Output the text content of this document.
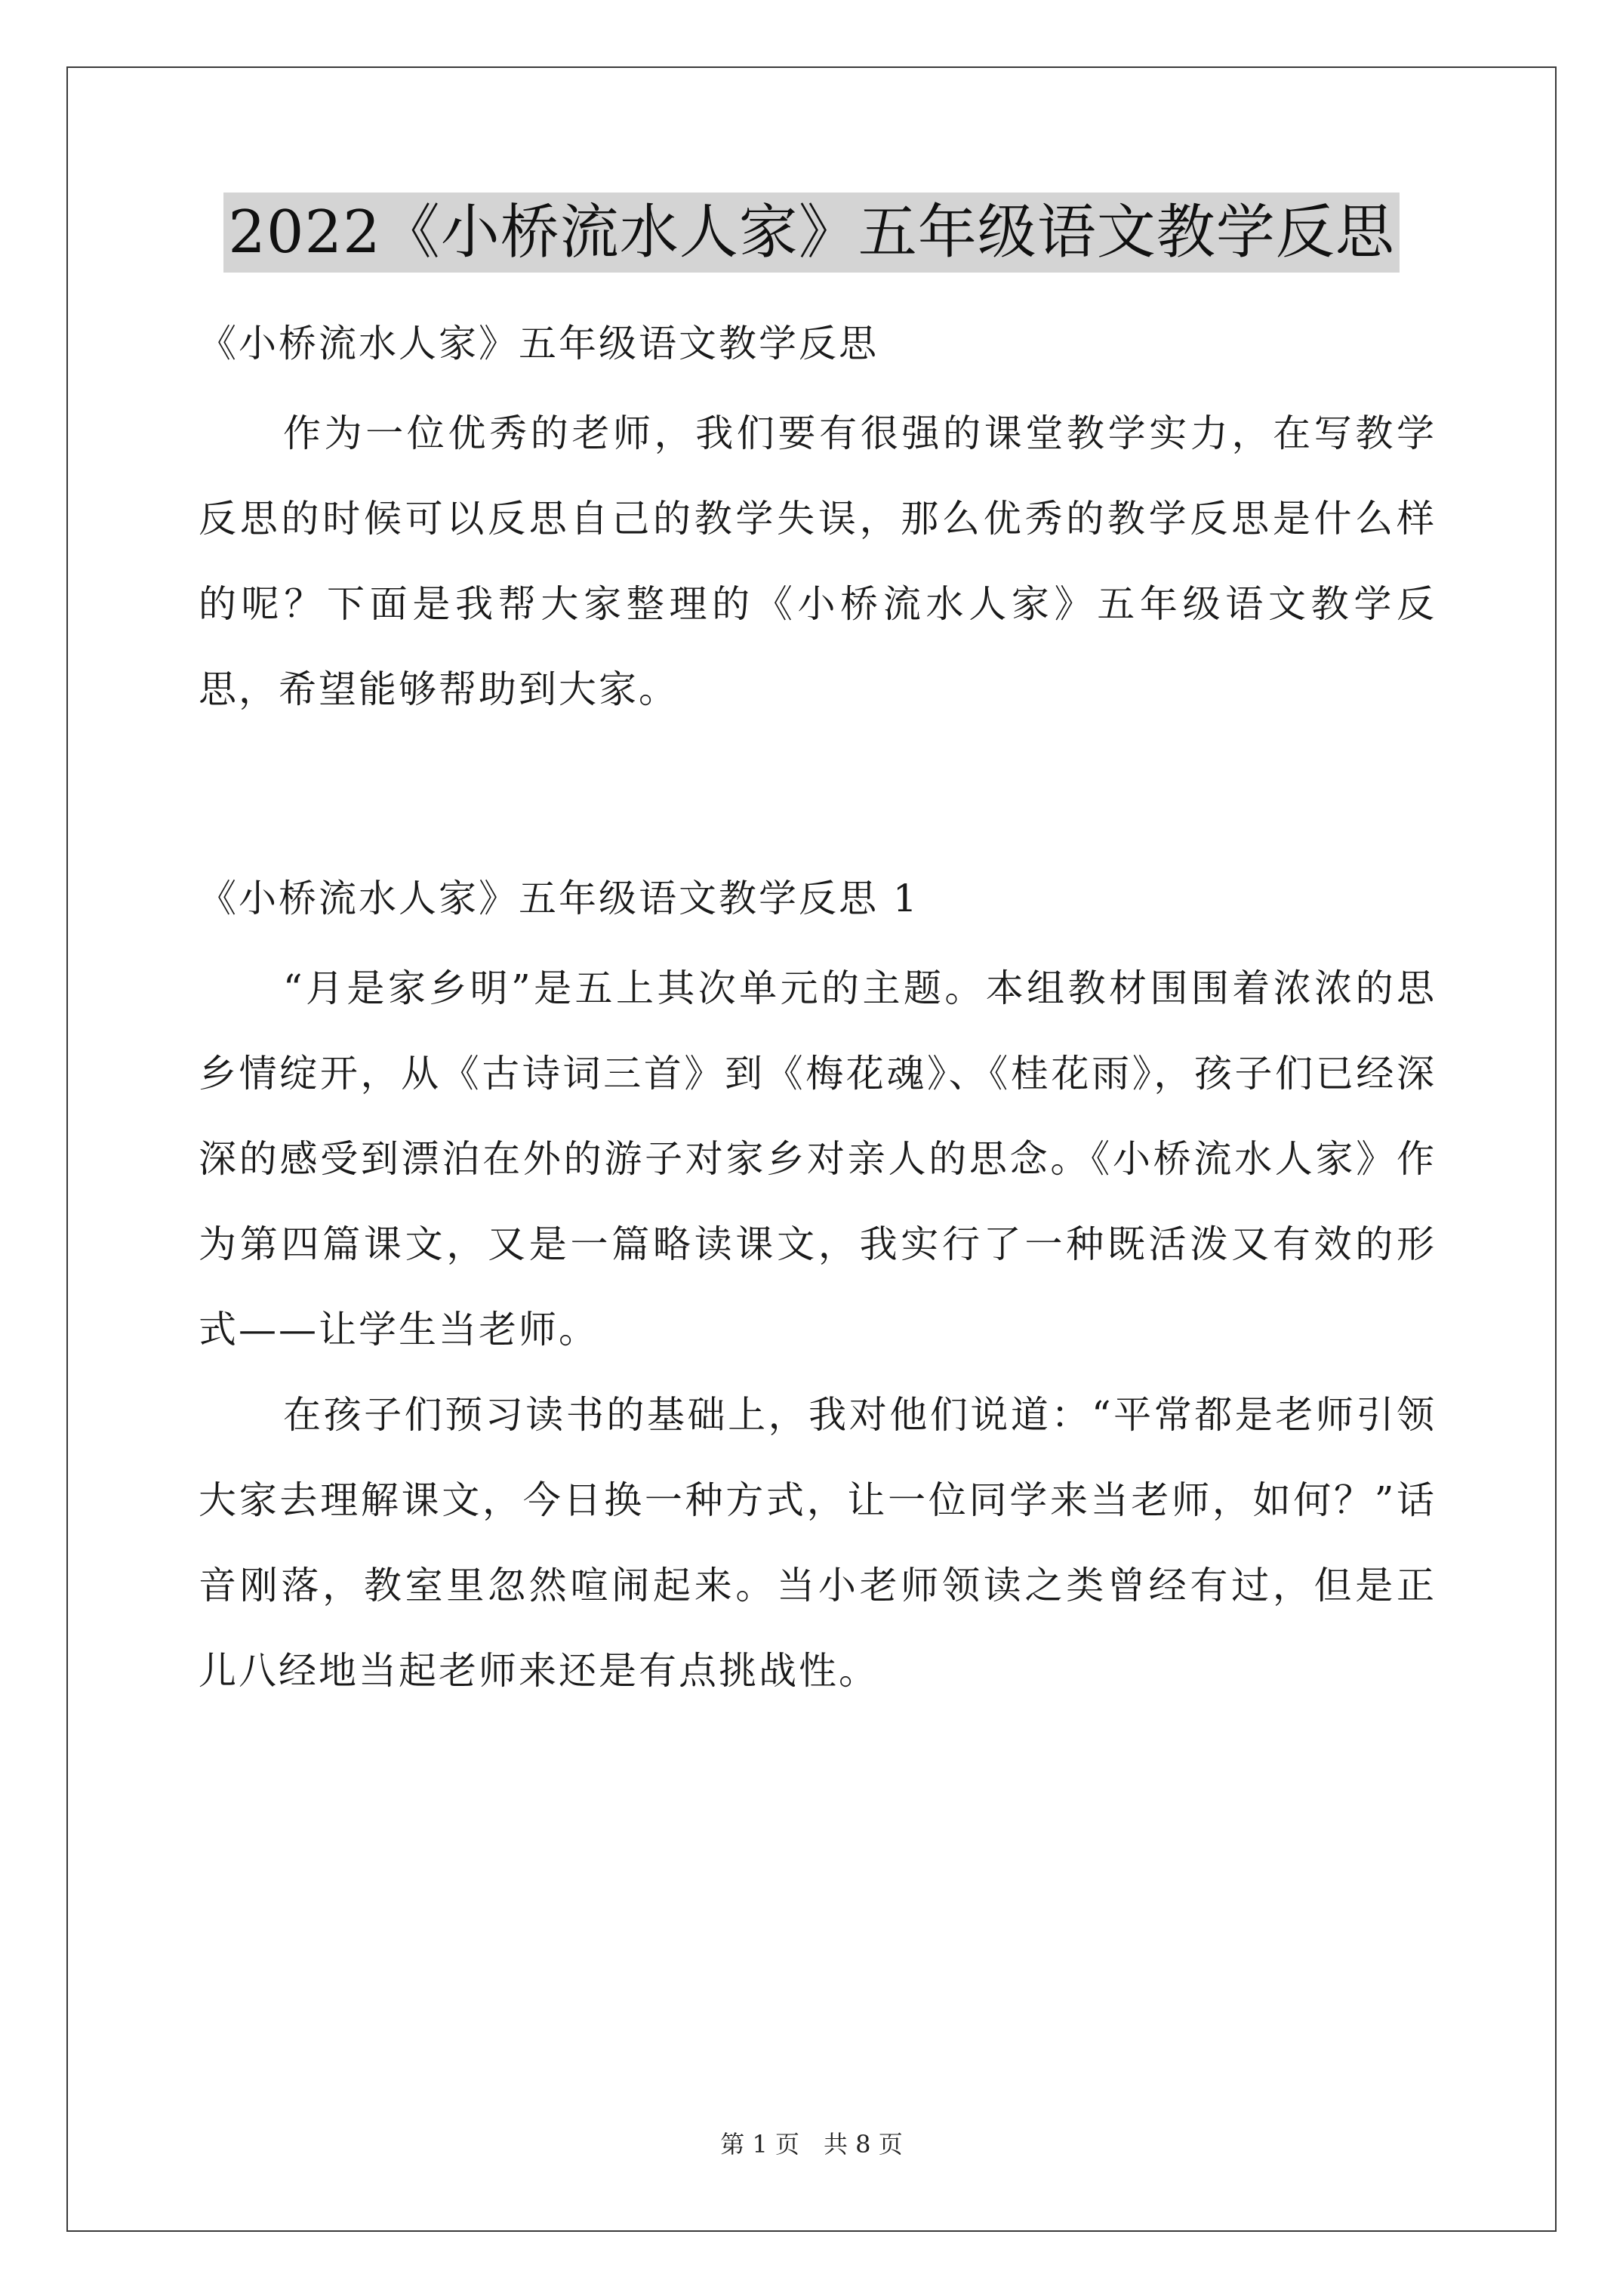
2022《小桥流水人家》五年级语文教学反思
《小桥流水人家》五年级语文教学反思

作为一位优秀的老师，我们要有很强的课堂教学实力，在写教学反思的时候可以反思自己的教学失误，那么优秀的教学反思是什么样的呢？下面是我帮大家整理的《小桥流水人家》五年级语文教学反思，希望能够帮助到大家。

《小桥流水人家》五年级语文教学反思 1

“月是家乡明”是五上其次单元的主题。本组教材围围着浓浓的思乡情绽开，从《古诗词三首》到《梅花魂》、《桂花雨》，孩子们已经深深的感受到漂泊在外的游子对家乡对亲人的思念。《小桥流水人家》作为第四篇课文，又是一篇略读课文，我实行了一种既活泼又有效的形式——让学生当老师。

在孩子们预习读书的基础上，我对他们说道：“平常都是老师引领大家去理解课文，今日换一种方式，让一位同学来当老师，如何？”话音刚落，教室里忽然喧闹起来。当小老师领读之类曾经有过，但是正儿八经地当起老师来还是有点挑战性。

第 1 页　共 8 页
